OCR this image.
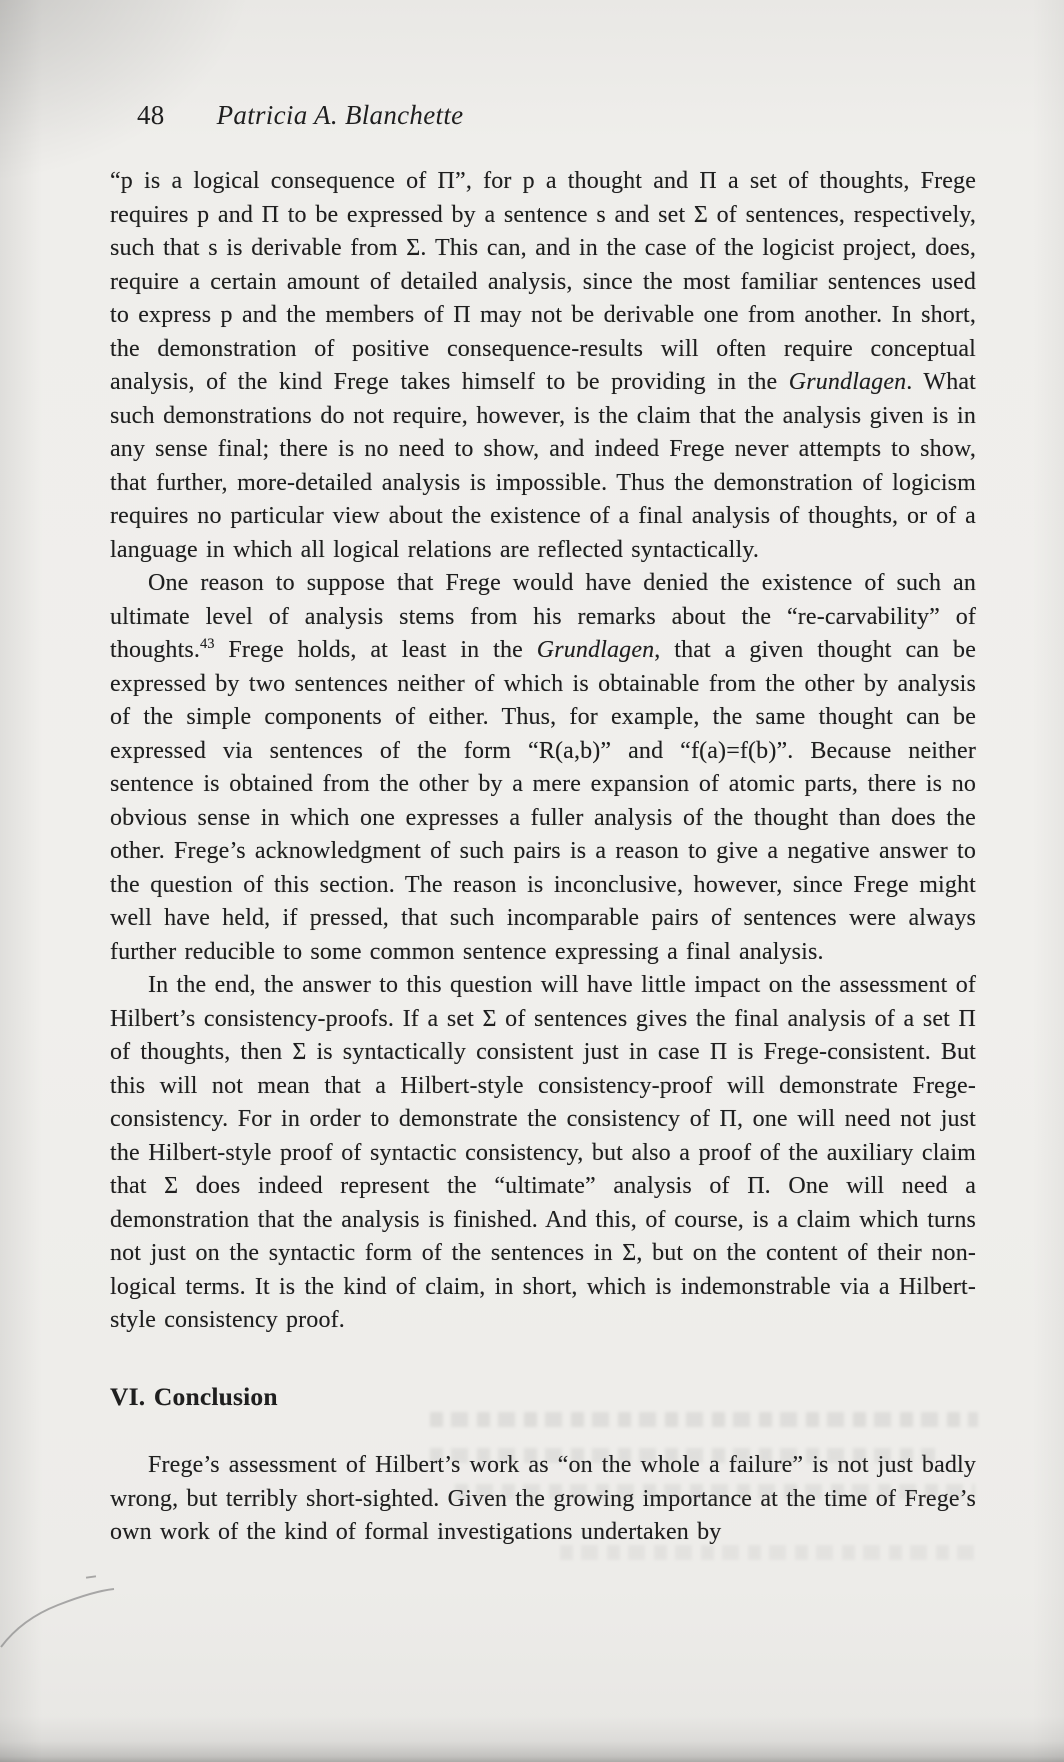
48 Patricia A. Blanchette

“p is a logical consequence of Π”, for p a thought and Π a set of thoughts, Frege requires p and Π to be expressed by a sentence s and set Σ of sentences, respectively, such that s is derivable from Σ. This can, and in the case of the logicist project, does, require a certain amount of detailed analysis, since the most familiar sentences used to express p and the members of Π may not be derivable one from another. In short, the demonstration of positive consequence-results will often require conceptual analysis, of the kind Frege takes himself to be providing in the Grundlagen. What such demonstrations do not require, however, is the claim that the analysis given is in any sense final; there is no need to show, and indeed Frege never attempts to show, that further, more-detailed analysis is impossible. Thus the demonstration of logicism requires no particular view about the existence of a final analysis of thoughts, or of a language in which all logical relations are reflected syntactically.

One reason to suppose that Frege would have denied the existence of such an ultimate level of analysis stems from his remarks about the “re-carvability” of thoughts.$^{43}$ Frege holds, at least in the Grundlagen, that a given thought can be expressed by two sentences neither of which is obtainable from the other by analysis of the simple components of either. Thus, for example, the same thought can be expressed via sentences of the form “R(a,b)” and “f(a)=f(b)”. Because neither sentence is obtained from the other by a mere expansion of atomic parts, there is no obvious sense in which one expresses a fuller analysis of the thought than does the other. Frege’s acknowledgment of such pairs is a reason to give a negative answer to the question of this section. The reason is inconclusive, however, since Frege might well have held, if pressed, that such incomparable pairs of sentences were always further reducible to some common sentence expressing a final analysis.

In the end, the answer to this question will have little impact on the assessment of Hilbert’s consistency-proofs. If a set Σ of sentences gives the final analysis of a set Π of thoughts, then Σ is syntactically consistent just in case Π is Frege-consistent. But this will not mean that a Hilbert-style consistency-proof will demonstrate Frege-consistency. For in order to demonstrate the consistency of Π, one will need not just the Hilbert-style proof of syntactic consistency, but also a proof of the auxiliary claim that Σ does indeed represent the “ultimate” analysis of Π. One will need a demonstration that the analysis is finished. And this, of course, is a claim which turns not just on the syntactic form of the sentences in Σ, but on the content of their non-logical terms. It is the kind of claim, in short, which is indemonstrable via a Hilbert-style consistency proof.

VI. Conclusion

Frege’s assessment of Hilbert’s work as “on the whole a failure” is not just badly wrong, but terribly short-sighted. Given the growing importance at the time of Frege’s own work of the kind of formal investigations undertaken by
